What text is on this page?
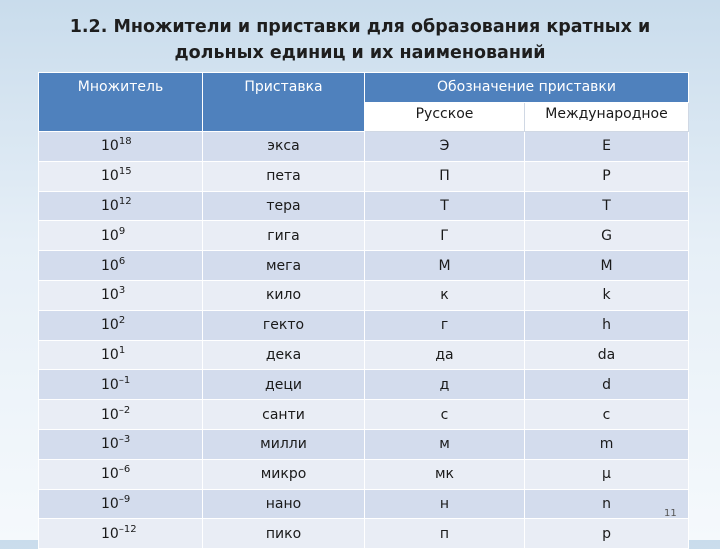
1.2. Множители и приставки для образования кратных и дольных единиц и их наименований
Множитель	Приставка	Обозначение приставки	
		Русское	Международное
$10^{18}$	экса	Э	E
$10^{15}$	пета	П	P
$10^{12}$	тера	Т	T
$10^9$	гига	Г	G
$10^6$	мега	М	M
$10^3$	кило	к	k
$10^2$	гекто	г	h
$10^1$	дека	да	da
$10^{-1}$	деци	д	d
$10^{-2}$	санти	с	c
$10^{-3}$	милли	м	m
$10^{-6}$	микро	мк	μ
$10^{-9}$	нано	н	n
$10^{-12}$	пико	п	p
11
